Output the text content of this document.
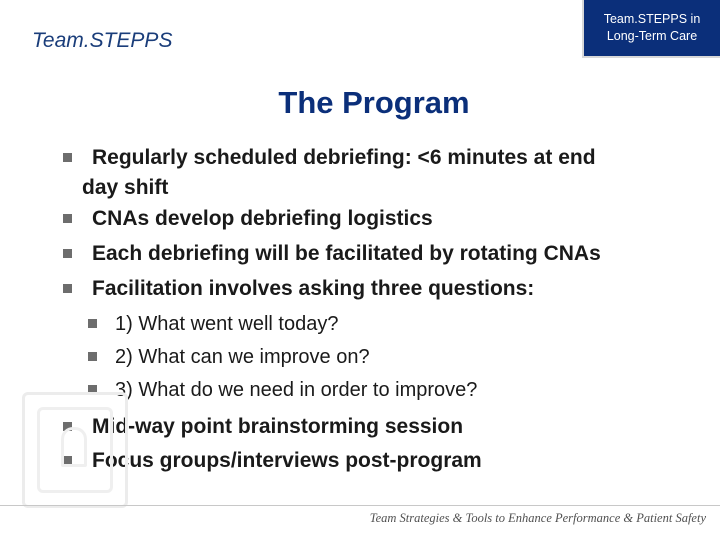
Team.STEPPS
Team.STEPPS in
Long-Term Care
The Program
Regularly scheduled debriefing: <6 minutes at end
day shift
CNAs develop debriefing logistics
Each debriefing will be facilitated by rotating CNAs
Facilitation involves asking three questions:
1) What went well today?
2) What can we improve on?
3) What do we need in order to improve?
Mid-way point brainstorming session
Focus groups/interviews post-program
Team Strategies & Tools to Enhance Performance & Patient Safety
